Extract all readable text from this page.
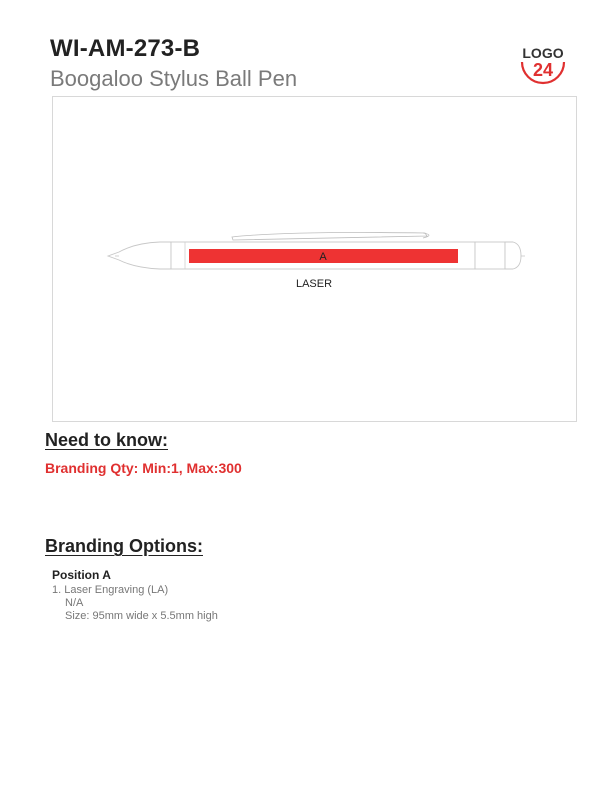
WI-AM-273-B
Boogaloo Stylus Ball Pen
LOGO
24
A
LASER
Need to know:
Branding Qty: Min:1, Max:300
Branding Options:
Position A
1. Laser Engraving (LA)
N/A
Size: 95mm wide x 5.5mm high
